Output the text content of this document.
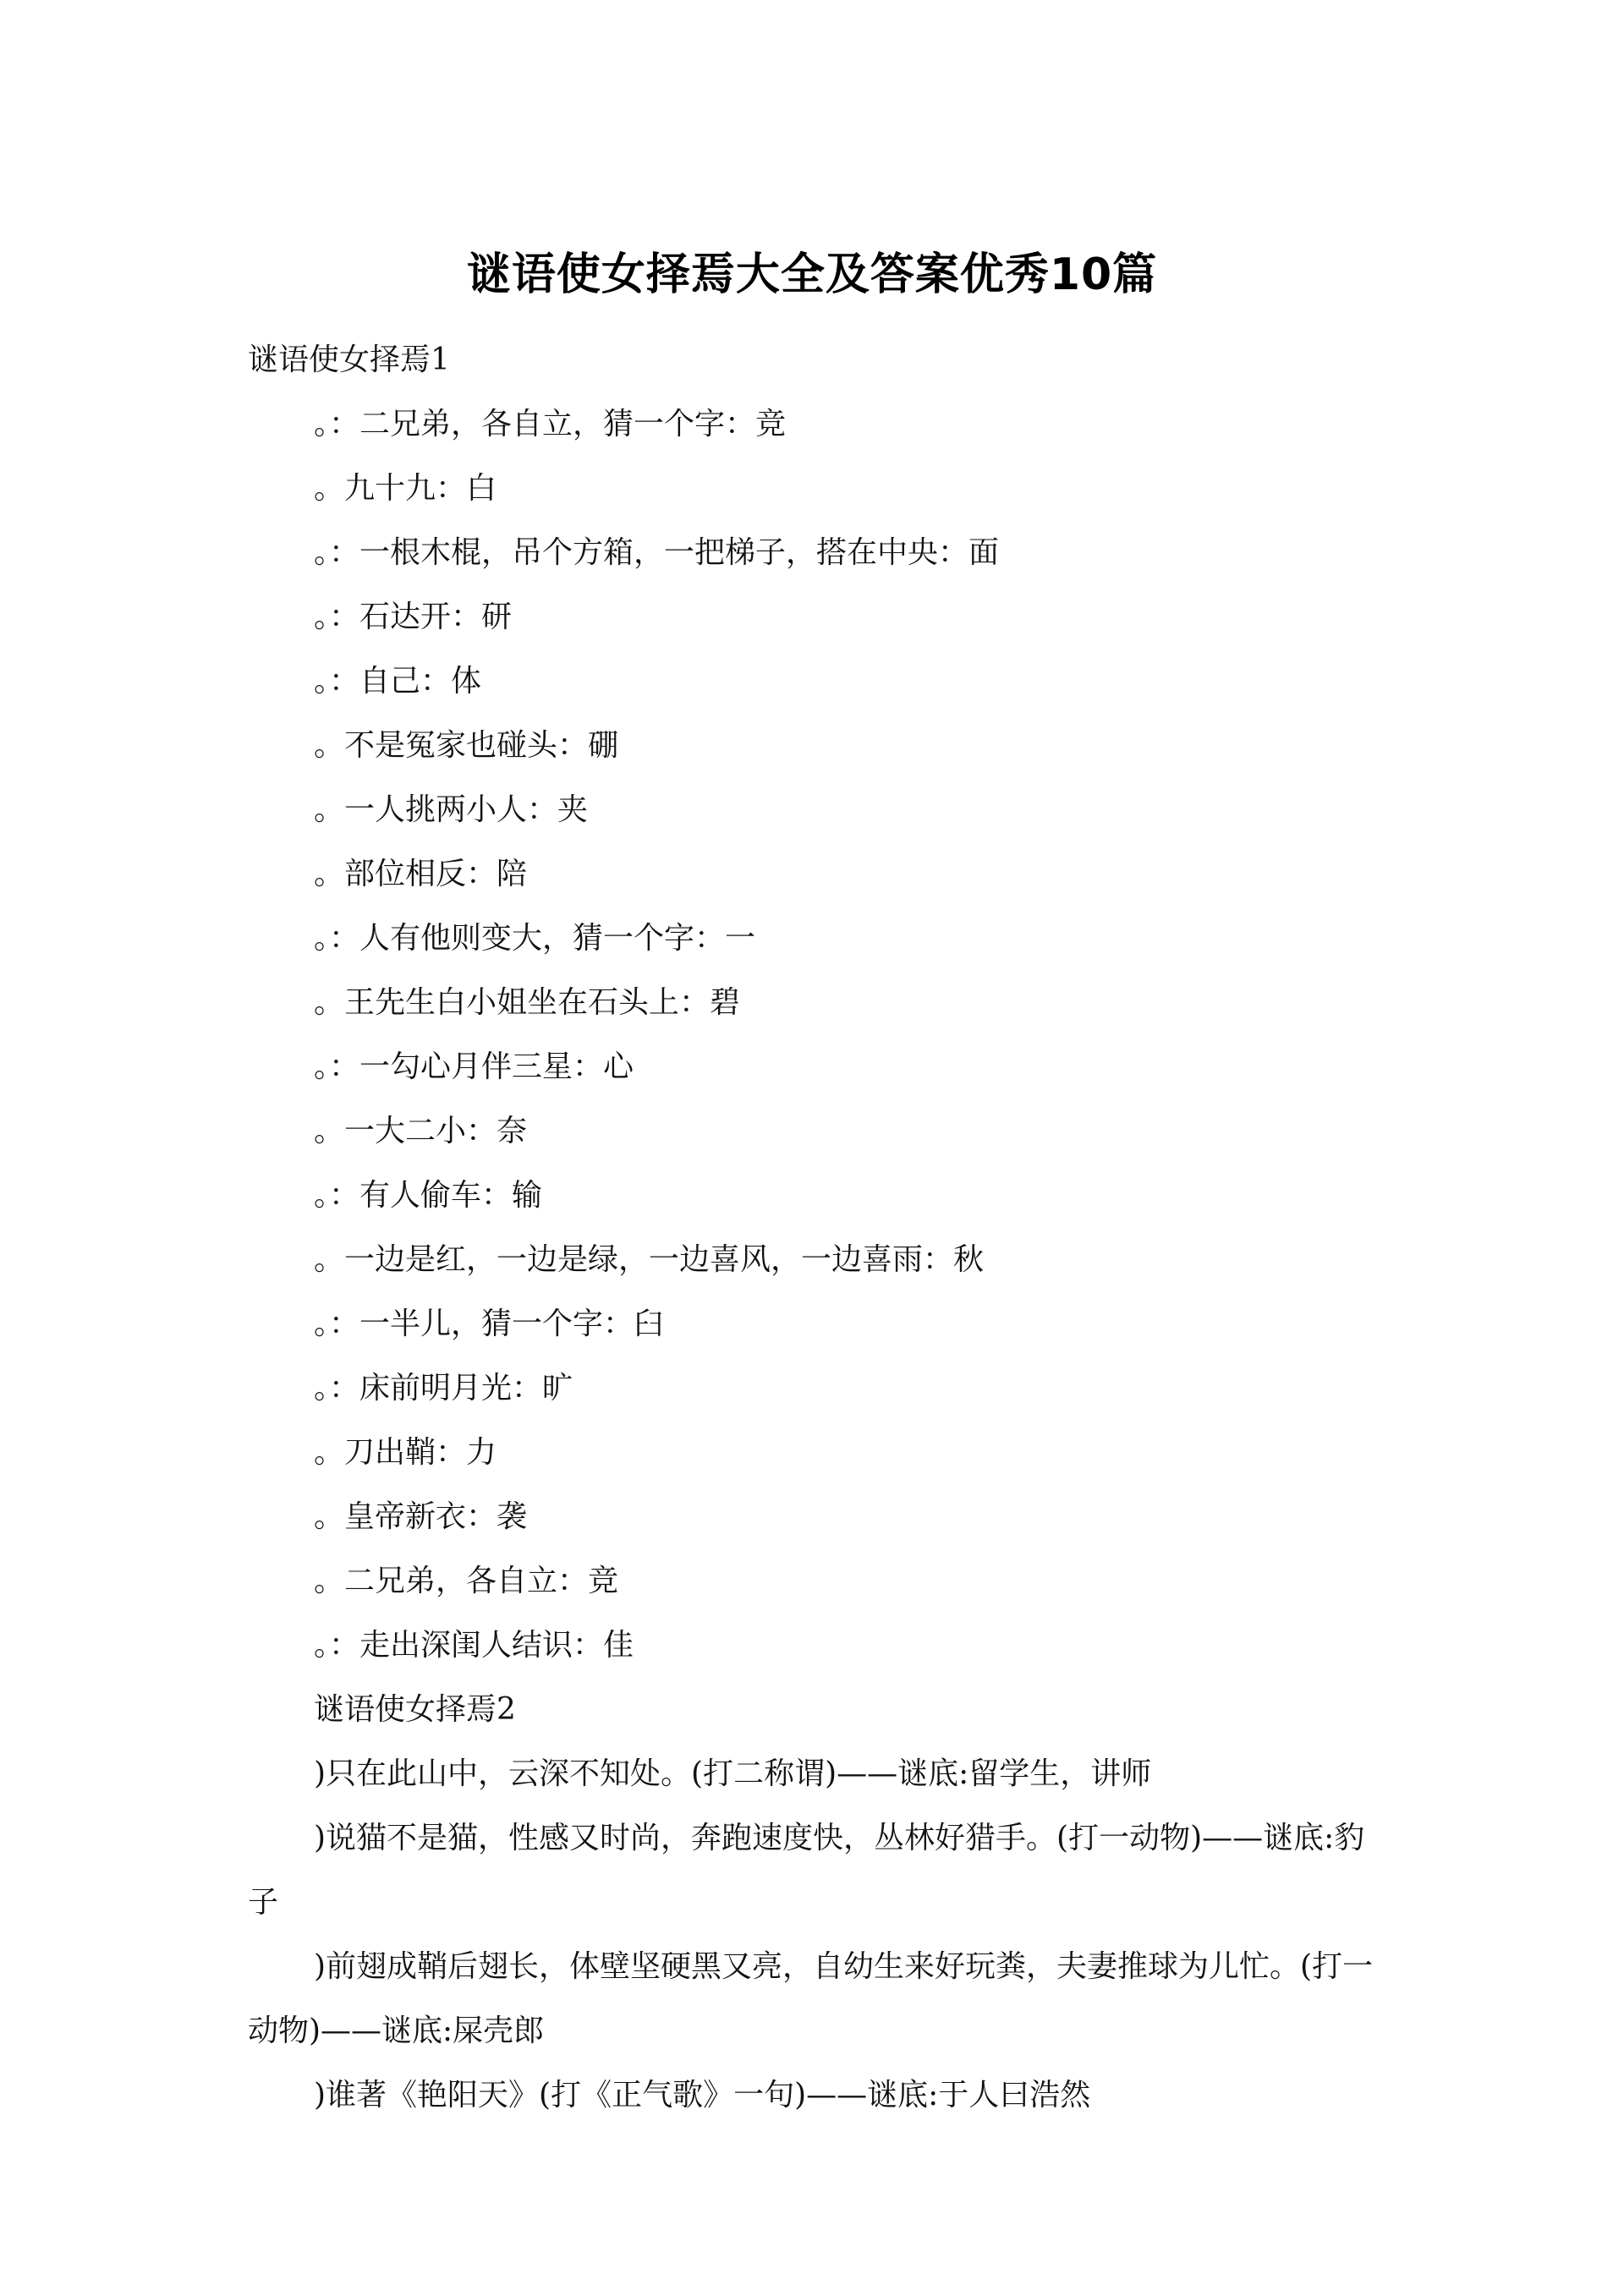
谜语使女择焉大全及答案优秀10篇

谜语使女择焉1

。：二兄弟，各自立，猜一个字：竞

。九十九：白

。：一根木棍，吊个方箱，一把梯子，搭在中央：面

。：石达开：研

。：自己：体

。不是冤家也碰头：硼

。一人挑两小人：夹

。部位相反：陪

。：人有他则变大，猜一个字：一

。王先生白小姐坐在石头上：碧

。：一勾心月伴三星：心

。一大二小：奈

。：有人偷车：输

。一边是红，一边是绿，一边喜风，一边喜雨：秋

。：一半儿，猜一个字：臼

。：床前明月光：旷

。刀出鞘：力

。皇帝新衣：袭

。二兄弟，各自立：竞

。：走出深闺人结识：佳

谜语使女择焉2

)只在此山中，云深不知处。(打二称谓)——谜底:留学生，讲师

)说猫不是猫，性感又时尚，奔跑速度快，丛林好猎手。(打一动物)——谜底:豹子

)前翅成鞘后翅长，体壁坚硬黑又亮，自幼生来好玩粪，夫妻推球为儿忙。(打一动物)——谜底:屎壳郎

)谁著《艳阳天》(打《正气歌》一句)——谜底:于人曰浩然
